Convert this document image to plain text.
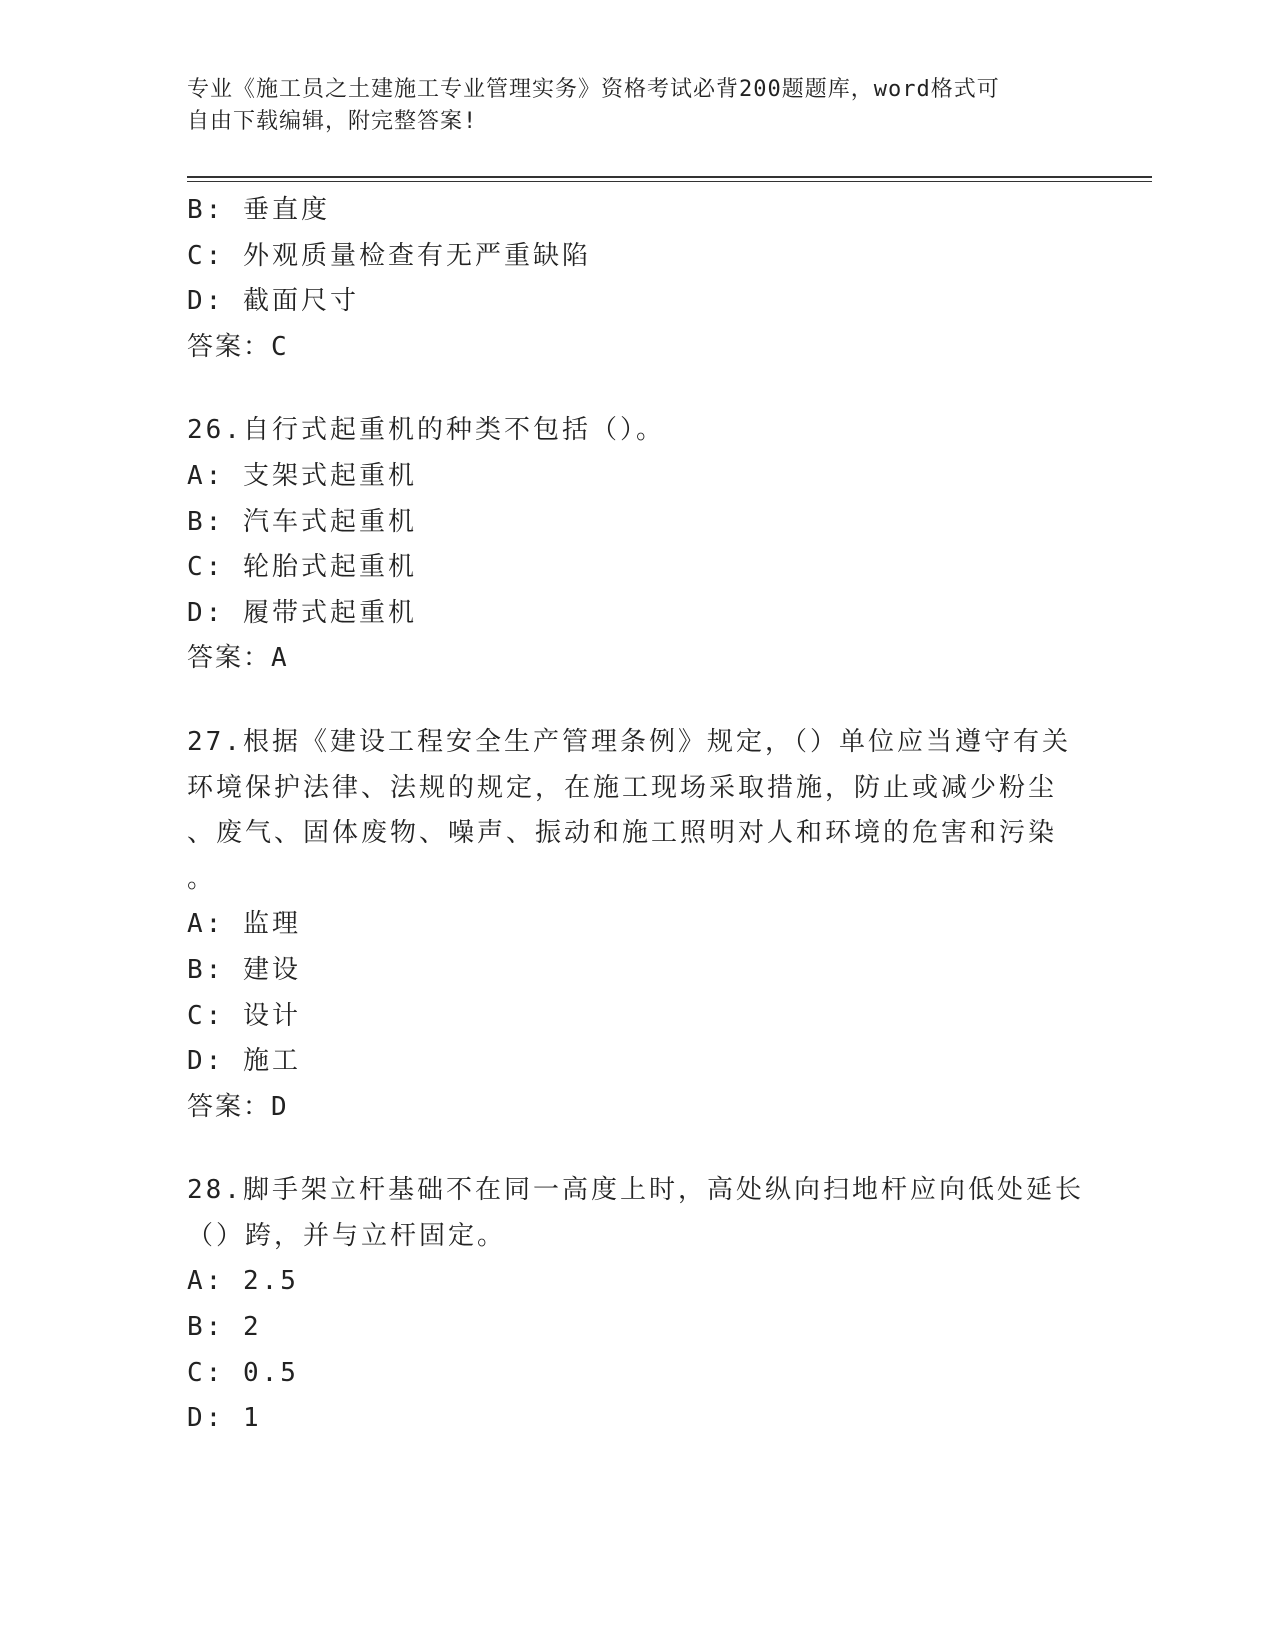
专业《施工员之土建施工专业管理实务》资格考试必背200题题库，word格式可
自由下载编辑，附完整答案!
B: 垂直度
C: 外观质量检查有无严重缺陷
D: 截面尺寸
答案：C
26.自行式起重机的种类不包括（）。
A: 支架式起重机
B: 汽车式起重机
C: 轮胎式起重机
D: 履带式起重机
答案：A
27.根据《建设工程安全生产管理条例》规定，（）单位应当遵守有关
环境保护法律、法规的规定，在施工现场采取措施，防止或减少粉尘
、废气、固体废物、噪声、振动和施工照明对人和环境的危害和污染
。
A: 监理
B: 建设
C: 设计
D: 施工
答案：D
28.脚手架立杆基础不在同一高度上时，高处纵向扫地杆应向低处延长
（）跨，并与立杆固定。
A: 2.5
B: 2
C: 0.5
D: 1
